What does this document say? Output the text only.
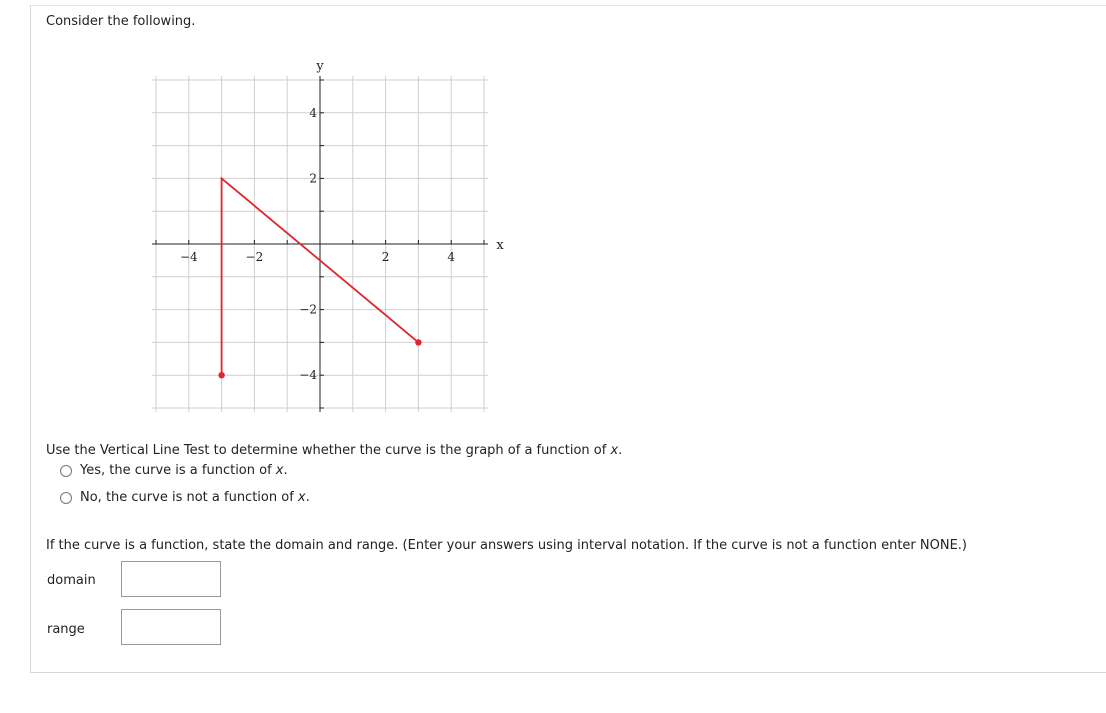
Consider the following.
−4	−2	2	4
4
2
−2
−4
x
y
Use the Vertical Line Test to determine whether the curve is the graph of a function of x.
Yes, the curve is a function of x.
No, the curve is not a function of x.
If the curve is a function, state the domain and range. (Enter your answers using interval notation. If the curve is not a function enter NONE.)
domain
range
